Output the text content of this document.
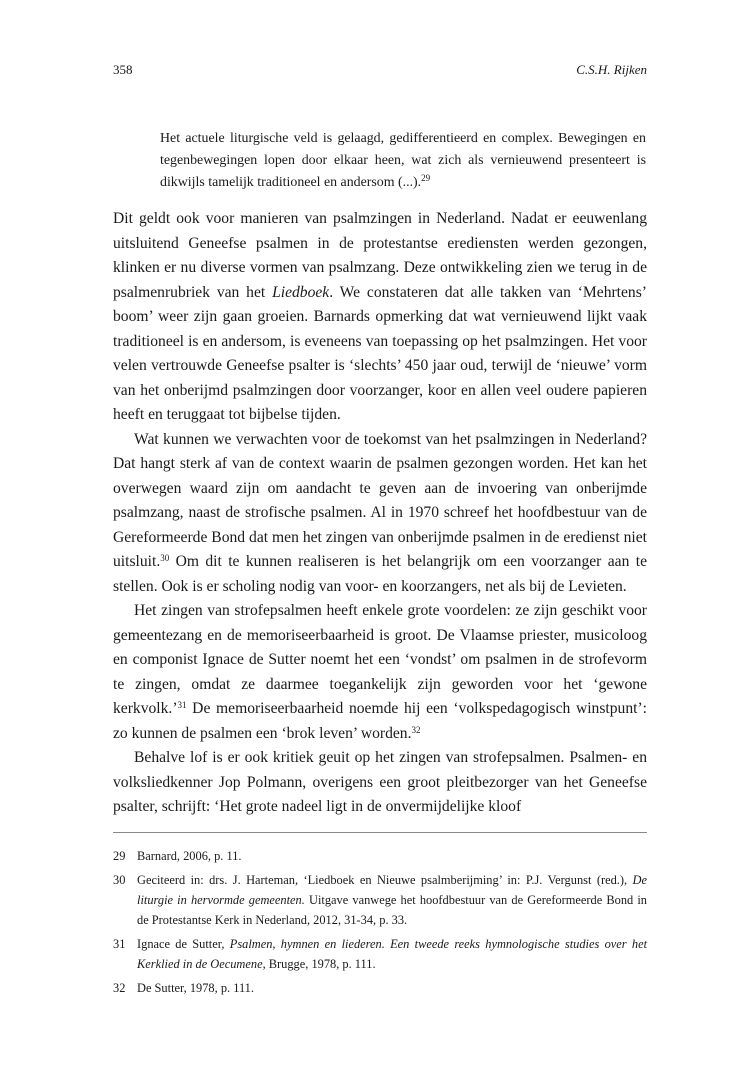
358	C.S.H. Rijken

Het actuele liturgische veld is gelaagd, gedifferentieerd en complex. Bewegingen en tegenbewegingen lopen door elkaar heen, wat zich als vernieuwend presenteert is dikwijls tamelijk traditioneel en andersom (...).$^{29}$

Dit geldt ook voor manieren van psalmzingen in Nederland. Nadat er eeuwenlang uitsluitend Geneefse psalmen in de protestantse erediensten werden gezongen, klinken er nu diverse vormen van psalmzang. Deze ontwikkeling zien we terug in de psalmenrubriek van het Liedboek. We constateren dat alle takken van ‘Mehrtens’ boom’ weer zijn gaan groeien. Barnards opmerking dat wat vernieuwend lijkt vaak traditioneel is en andersom, is eveneens van toepassing op het psalmzingen. Het voor velen vertrouwde Geneefse psalter is ‘slechts’ 450 jaar oud, terwijl de ‘nieuwe’ vorm van het onberijmd psalmzingen door voorzanger, koor en allen veel oudere papieren heeft en teruggaat tot bijbelse tijden.

Wat kunnen we verwachten voor de toekomst van het psalmzingen in Nederland? Dat hangt sterk af van de context waarin de psalmen gezongen worden. Het kan het overwegen waard zijn om aandacht te geven aan de invoering van onberijmde psalmzang, naast de strofische psalmen. Al in 1970 schreef het hoofdbestuur van de Gereformeerde Bond dat men het zingen van onberijmde psalmen in de eredienst niet uitsluit.$^{30}$ Om dit te kunnen realiseren is het belangrijk om een voorzanger aan te stellen. Ook is er scholing nodig van voor- en koorzangers, net als bij de Levieten.

Het zingen van strofepsalmen heeft enkele grote voordelen: ze zijn geschikt voor gemeentezang en de memoriseerbaarheid is groot. De Vlaamse priester, musicoloog en componist Ignace de Sutter noemt het een ‘vondst’ om psalmen in de strofevorm te zingen, omdat ze daarmee toegankelijk zijn geworden voor het ‘gewone kerkvolk.’$^{31}$ De memoriseerbaarheid noemde hij een ‘volkspedagogisch winstpunt’: zo kunnen de psalmen een ‘brok leven’ worden.$^{32}$

Behalve lof is er ook kritiek geuit op het zingen van strofepsalmen. Psalmen- en volksliedkenner Jop Polmann, overigens een groot pleitbezorger van het Geneefse psalter, schrijft: ‘Het grote nadeel ligt in de onvermijdelijke kloof

29 Barnard, 2006, p. 11.
30 Geciteerd in: drs. J. Harteman, ‘Liedboek en Nieuwe psalmberijming’ in: P.J. Vergunst (red.), De liturgie in hervormde gemeenten. Uitgave vanwege het hoofdbestuur van de Gereformeerde Bond in de Protestantse Kerk in Nederland, 2012, 31-34, p. 33.
31 Ignace de Sutter, Psalmen, hymnen en liederen. Een tweede reeks hymnologische studies over het Kerklied in de Oecumene, Brugge, 1978, p. 111.
32 De Sutter, 1978, p. 111.
